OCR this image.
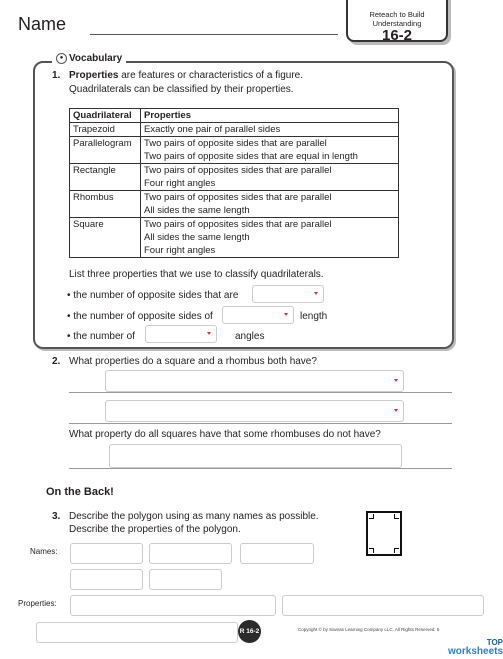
Name	Reteach to Build
Understanding
16-2
● Vocabulary
1. Properties are features or characteristics of a figure.
Quadrilaterals can be classified by their properties.
Quadrilateral	Properties
Trapezoid	Exactly one pair of parallel sides

Parallelogram	Two pairs of opposite sides that are parallel
Two pairs of opposite sides that are equal in length

Rectangle	Two pairs of opposites sides that are parallel
Four right angles

Rhombus	Two pairs of opposites sides that are parallel
All sides the same length

Square	Two pairs of opposites sides that are parallel
All sides the same length
Four right angles
List three properties that we use to classify quadrilaterals.
• the number of opposite sides that are
• the number of opposite sides of	length
• the number of	angles
2. What properties do a square and a rhombus both have?
What property do all squares have that some rhombuses do not have?
On the Back!
3. Describe the polygon using as many names as possible.
Describe the properties of the polygon.
Names:
Properties:
R 16-2	Copyright © by Savvas Learning Company LLC. All Rights Reserved. 5
TOP
worksheets
